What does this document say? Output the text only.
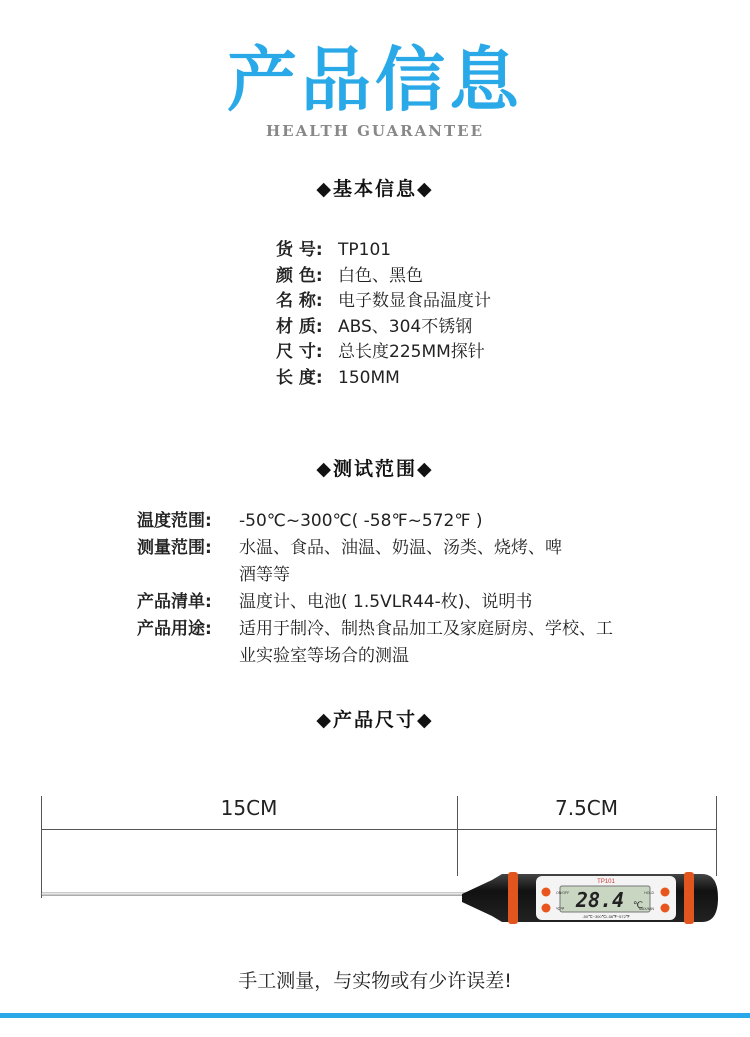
产品信息
HEALTH GUARANTEE
◆基本信息◆
货 号: TP101
颜 色: 白色、黑色
名 称: 电子数显食品温度计
材 质: ABS、304不锈钢
尺 寸: 总长度225MM探针
长 度: 150MM
◆测试范围◆
温度范围:	-50℃~300℃( -58℉~572℉ )
测量范围:	水温、食品、油温、奶温、汤类、烧烤、啤酒等等
产品清单:	温度计、电池( 1.5VLR44-枚)、说明书
产品用途:	适用于制冷、制热食品加工及家庭厨房、学校、工业实验室等场合的测温
◆产品尺寸◆
15CM	7.5CM
TP101
28.4 ℃
ON/OFF
℃/℉
HOLD
MAX/MIN
-50℃~300℃/-58℉~572℉
手工测量，与实物或有少许误差!
